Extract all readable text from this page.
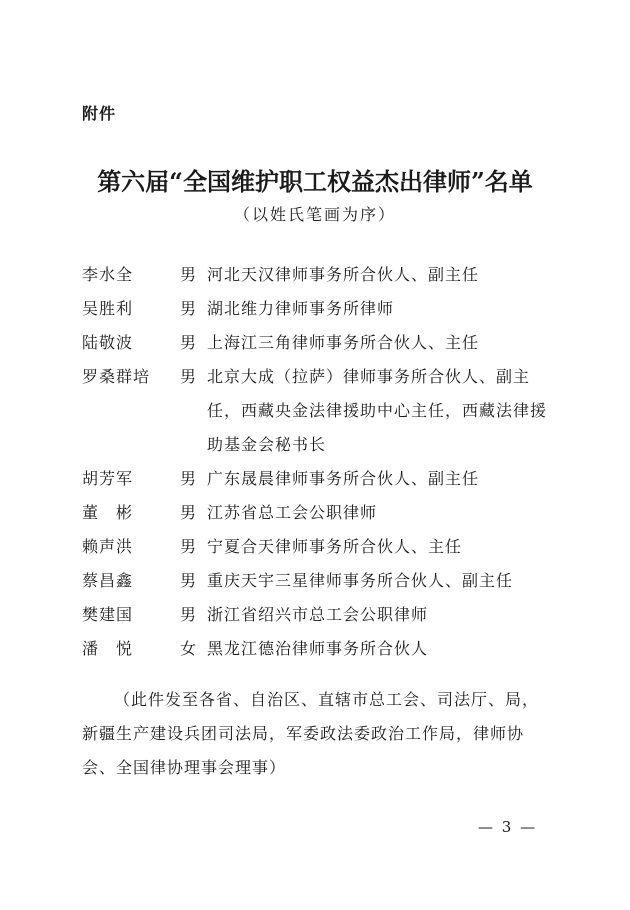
附件
第六届“全国维护职工权益杰出律师”名单
（以姓氏笔画为序）
李水全	男 河北天汉律师事务所合伙人、副主任
吴胜利	男 湖北维力律师事务所律师
陆敬波	男 上海江三角律师事务所合伙人、主任
罗桑群培	男 北京大成（拉萨）律师事务所合伙人、副主任，西藏央金法律援助中心主任，西藏法律援助基金会秘书长
胡芳军	男 广东晟晨律师事务所合伙人、副主任
董　彬	男 江苏省总工会公职律师
赖声洪	男 宁夏合天律师事务所合伙人、主任
蔡昌鑫	男 重庆天宇三星律师事务所合伙人、副主任
樊建国	男 浙江省绍兴市总工会公职律师
潘　悦	女 黑龙江德治律师事务所合伙人
（此件发至各省、自治区、直辖市总工会、司法厅、局，新疆生产建设兵团司法局，军委政法委政治工作局，律师协会、全国律协理事会理事）
— 3 —
